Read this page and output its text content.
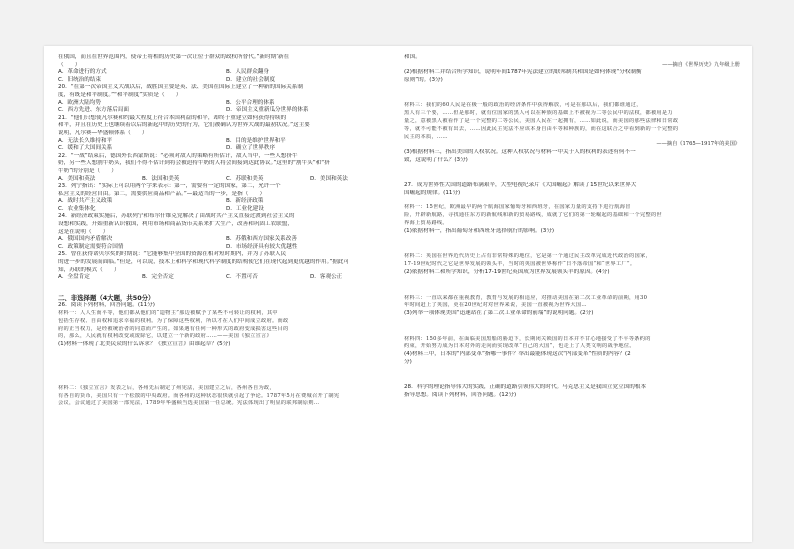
在俄国，而且在世界范围内，使帝王将相的历史第一次让位于群众的政权所替代。”新时期’新在
（　　）
A．革命进行的方式	B．人民群众翻身
C．旧统治的结束	D．建立的社会制度
20．“在第一次帝国主义大战以后，战胜国主要是英、法、美国在国际上建立了一种新的国际关系制
度，有既是和平制度。”“和平制度”实质是（　　）
A．欧洲大陆均势	B．公平合理的体系
C．西方先进、东方落后局面	D．帝国主义重新瓜分世界的体系
21．“他们只想使凡尔赛和约最大程度上符合本国利益的和平，却终于重建立如何获得持续的
和平，并且在历史上也继续着以后的新起中的历史的行为，它们被确认为世界大战的最初状况。”这主要
说明，凡尔赛—华盛顿体系（　　）
A．无法长久维持和平	B．目的是维护世界和平
C．缓和了大国间关系	D．确立了世界秩序
22．“一战”结束后，德国外长西蒙斯说：“必须对敌人的策略有所估计，敌人当中，一些人想挤牛
奶，另一些人想割牛奶头，我们不得不估计到将会被迫持牛奶的人将会间接到达此协议。”这里的“割牛头”和“挤
牛奶”的分别是（　　）
A．美国和英法	B．法国和美英	C．苏联和美英	D．美国和英法
23．列宁指出：“实际上可以用两个字来表示：第一，需要有一定的国家，第二，允许一个
私营主义的经营自由。第二，需要供应商品和产品。”—最适当的一步，是指（　　）
A．战时共产主义政策	B．新经济政策
C．农业集体化	D．工业化建设
24．新经济政策实施后，苏联列宁和布尔什维克党解决了由战时共产主义直接过渡到社会主义的
设想和实践，开始重新认识俄国，利用市场和商品货币关系来扩大生产，改善和巩固工农联盟，
这是在说明（　　）
A．俄国国内矛盾解决	B．苏俄和西方国家关系改善
C．政策制定需要符合国情	D．市场经济具有较大优越性
25．曾在获得诺贝尔奖的时期说：“它能够集中全国的资源在相对短时期内，并为了苏联人民
的进一步的发展而面临。”但是，可以说，技术上和科学和现代科学制度的结构使它们在现代起到更优越的作用。”据此可
知，苏联的模式（　　）
A．全盘肯定	B．完全否定	C．不置可否	D．客观公正
二、非选择题（4大题，共50分）
26．阅读下列材料，回答问题。(11分)
材料一：人人生而平等，他们都从他们的“造物主”那边被赋予了某些不可转让的权利，其中
包括生存权、自由权和追求幸福的权利。为了保障这些权利，所以才在人们中间成立政府。而政
府的正当权力，是经被统治者的同意而产生的。如果遇有任何一种形式的政府变成损害这些目的
的，那么，人民就有权利改变或废除它，以建立一个新的政府……——美国《独立宣言》
(1)材料一体现了北美民众的什么诉求？《独立宣言》由谁起草？(5分)
材料二：《独立宣言》发表之后，各州先后制定了州宪法，美国建立之后，各州各自为政，
有各自的货币，美国只有一个松散的中央政府。而各州的这种状态很快就引起了争论。1787年5月在费城召开了制宪
会议，会议通过了美国第一部宪法，1789年华盛顿当选美国第一任总统。宪法体现出了明显的联邦制原则…
和国。
——摘自《世界历史》九年级上册
(2)根据材料二并结合所学知识，说明年间1787年宪法建立的联邦制共和国是如何体现“分权制衡
原则”的。(3分)
材料三：我们的60人民是在极一般的政治的经济条件中获得解放，可是在那以后，我们都谁通过，
黑人有三个要，……但是那时，就有位国家的黑人可以在种族的基础上不被视为二等公民中的法权，都被用是力
量之，意被黑人被看作了是一个完整的二等公民，美国人民在一起拥有，……如此说，而美国的那些法律和日常政
等，就不可能不被有出去，……因此民主宪法不应该本身自由平等和种族的，而在这联合之中看到新的一个完整的
民主的本质，……
——摘自《1765—1917年的美国》
(3)根据材料三，指出美国的人权状况。这种人权状况与材料一中关于人的权利的表述有何不一
致，这说明了什么？(3分)
27．成为世界性大国的道路布满艰辛，大型电视纪录片《大国崛起》解读了15世纪以来世界大
国崛起的规律。(11分)
材料一：15世纪，欧洲最早的两个航海国家葡萄牙和西班牙，在国家力量的支持下进行航海冒
险，开辟新航路，寻找通往东方的新航线和新的贸易路线，成就了它们的第一轮崛起的基础和一个完整的世
界海上贸易路线。
(1)依据材料一，指出葡萄牙和西班牙选择航行的影响。(3分)
材料二：英国在世界近代历史上占有非常特殊的地位，它是第一个通过民主改革完成近代政治的国家，
17-19世纪时代之它是世界发展的领头羊，当时的英国被世界称作“日不落帝国”和“世界工厂”。
(2)依据材料二和所学知识，分析17-19世纪英国成为世界发展领头羊的原因。(4分)
材料三：一直以来都在重视教育，教育与发展的相适应，对推动美国在第二次工业革命的前期，用30
年时间赶上了英国，更在20世纪对对世界来说，美国一直被视为世界大国…
(3)列举一项体现美国“迅速站在了第二次工业革命的前端”的说明问题。(2分)
材料四：150多年前，在面临美国黑船的胁迫下，长期闭关锁国的日本并不甘心地接受了不平等条约的
约束，开始努力成为日本对外的走向而实现改革“自己的大国”，也走上了人类文明的战争地位。
(4)材料三中，日本的“内部变革”指哪一事件？举出最能体现这次“内部变革”性质的内容？(2
分)
28．科学的理论指导伟大的实践，正确的道路引领伟大的时代。马克思主义是我国立党立国的根本
指导思想。阅读下列材料，回答问题。(12分)
